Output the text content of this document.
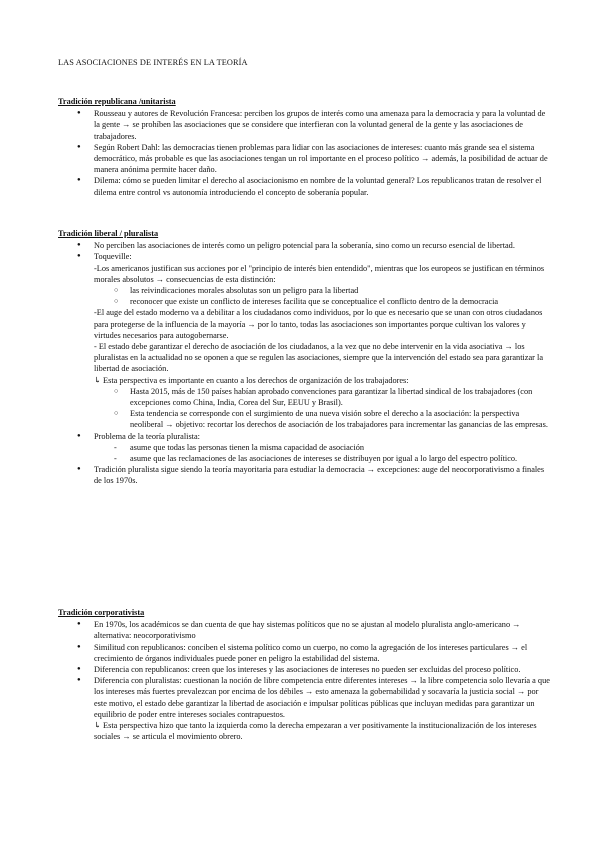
LAS ASOCIACIONES DE INTERÉS EN LA TEORÍA
Tradición republicana /unitarista
● Rousseau y autores de Revolución Francesa: perciben los grupos de interés como una amenaza para la democracia y para la voluntad de la gente → se prohíben las asociaciones que se considere que interfieran con la voluntad general de la gente y las asociaciones de trabajadores.
● Según Robert Dahl: las democracias tienen problemas para lidiar con las asociaciones de intereses: cuanto más grande sea el sistema democrático, más probable es que las asociaciones tengan un rol importante en el proceso político → además, la posibilidad de actuar de manera anónima permite hacer daño.
● Dilema: cómo se pueden limitar el derecho al asociacionismo en nombre de la voluntad general? Los republicanos tratan de resolver el dilema entre control vs autonomía introduciendo el concepto de soberanía popular.
Tradición liberal / pluralista
● No perciben las asociaciones de interés como un peligro potencial para la soberanía, sino como un recurso esencial de libertad.
● Toqueville:
-Los americanos justifican sus acciones por el "principio de interés bien entendido", mientras que los europeos se justifican en términos morales absolutos → consecuencias de esta distinción:
○ las reivindicaciones morales absolutas son un peligro para la libertad
○ reconocer que existe un conflicto de intereses facilita que se conceptualice el conflicto dentro de la democracia
-El auge del estado moderno va a debilitar a los ciudadanos como individuos, por lo que es necesario que se unan con otros ciudadanos para protegerse de la influencia de la mayoría → por lo tanto, todas las asociaciones son importantes porque cultivan los valores y virtudes necesarios para autogobernarse.
- El estado debe garantizar el derecho de asociación de los ciudadanos, a la vez que no debe intervenir en la vida asociativa → los pluralistas en la actualidad no se oponen a que se regulen las asociaciones, siempre que la intervención del estado sea para garantizar la libertad de asociación.
↳ Esta perspectiva es importante en cuanto a los derechos de organización de los trabajadores:
○ Hasta 2015, más de 150 países habían aprobado convenciones para garantizar la libertad sindical de los trabajadores (con excepciones como China, India, Corea del Sur, EEUU y Brasil).
○ Esta tendencia se corresponde con el surgimiento de una nueva visión sobre el derecho a la asociación: la perspectiva neoliberal → objetivo: recortar los derechos de asociación de los trabajadores para incrementar las ganancias de las empresas.
● Problema de la teoría pluralista:
- asume que todas las personas tienen la misma capacidad de asociación
- asume que las reclamaciones de las asociaciones de intereses se distribuyen por igual a lo largo del espectro político.
● Tradición pluralista sigue siendo la teoría mayoritaria para estudiar la democracia → excepciones: auge del neocorporativismo a finales de los 1970s.
Tradición corporativista
● En 1970s, los académicos se dan cuenta de que hay sistemas políticos que no se ajustan al modelo pluralista anglo-americano → alternativa: neocorporativismo
● Similitud con republicanos: conciben el sistema político como un cuerpo, no como la agregación de los intereses particulares → el crecimiento de órganos individuales puede poner en peligro la estabilidad del sistema.
● Diferencia con republicanos: creen que los intereses y las asociaciones de intereses no pueden ser excluidas del proceso político.
● Diferencia con pluralistas: cuestionan la noción de libre competencia entre diferentes intereses → la libre competencia solo llevaría a que los intereses más fuertes prevalezcan por encima de los débiles → esto amenaza la gobernabilidad y socavaría la justicia social → por este motivo, el estado debe garantizar la libertad de asociación e impulsar políticas públicas que incluyan medidas para garantizar un equilibrio de poder entre intereses sociales contrapuestos.
↳ Esta perspectiva hizo que tanto la izquierda como la derecha empezaran a ver positivamente la institucionalización de los intereses sociales → se articula el movimiento obrero.
